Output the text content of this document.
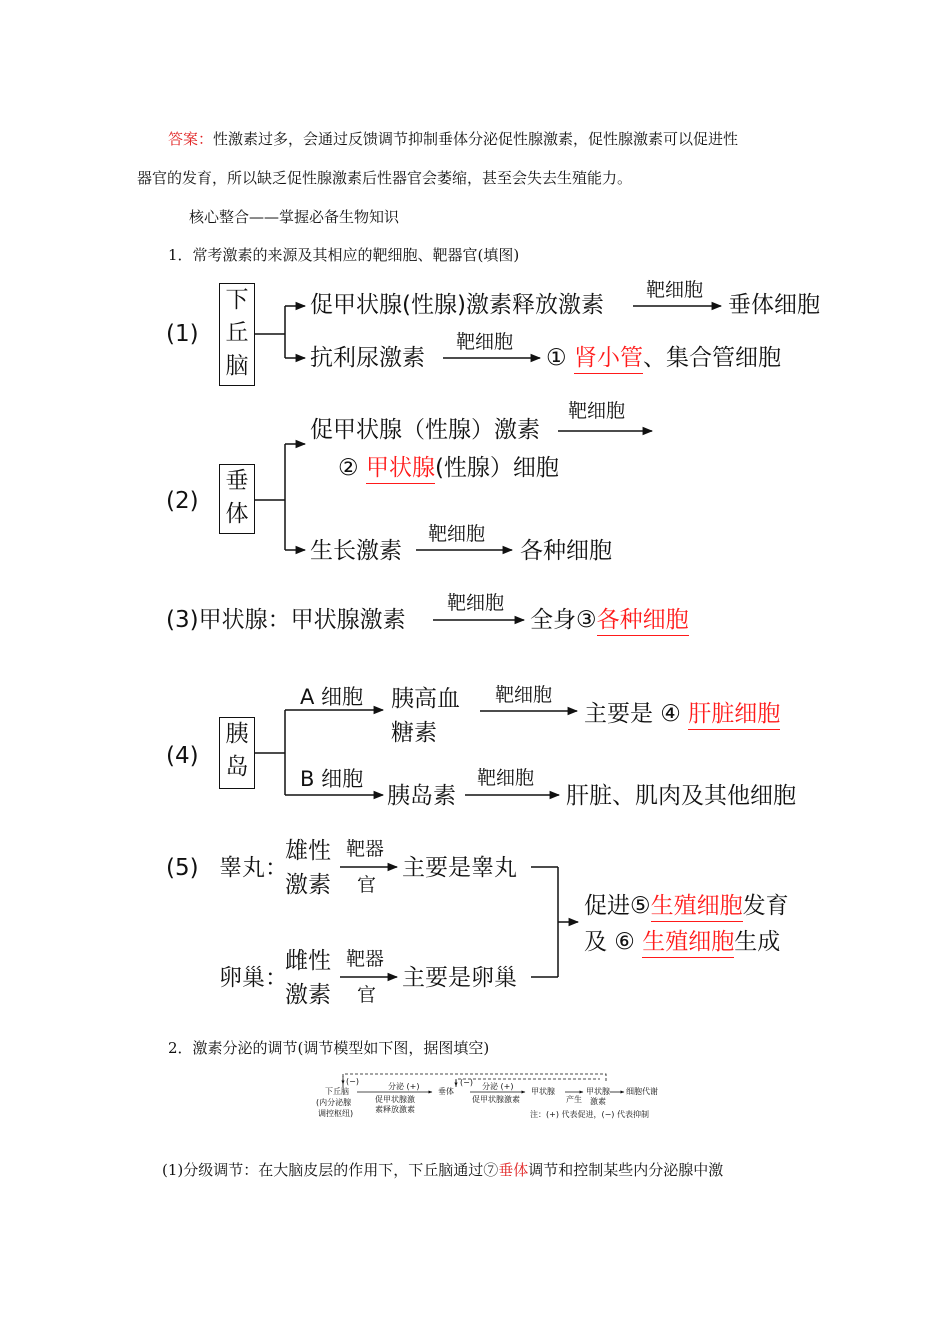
答案：性激素过多，会通过反馈调节抑制垂体分泌促性腺激素，促性腺激素可以促进性
器官的发育，所以缺乏促性腺激素后性器官会萎缩，甚至会失去生殖能力。
核心整合——掌握必备生物知识
1．常考激素的来源及其相应的靶细胞、靶器官(填图)
(1)
下
丘
脑
促甲状腺(性腺)激素释放激素
靶细胞
垂体细胞
抗利尿激素
靶细胞
① 肾小管、集合管细胞
(2)
垂
体
促甲状腺（性腺）激素
靶细胞
② 甲状腺(性腺）细胞
生长激素
靶细胞
各种细胞
(3)甲状腺：甲状腺激素
靶细胞
全身③各种细胞
(4)
胰
岛
A 细胞 胰高血
糖素
靶细胞
主要是 ④ 肝脏细胞
B 细胞
胰岛素
靶细胞
肝脏、肌肉及其他细胞
(5) 睾丸：
雄性
激素
靶器
官
主要是睾丸
卵巢：
雌性
激素
靶器
官
主要是卵巢
促进⑤生殖细胞发育
及 ⑥ 生殖细胞生成
2．激素分泌的调节(调节模型如下图，据图填空)
下丘脑
(内分泌腺
调控枢纽)
(−)
分泌 (+)
促甲状腺激
素释放激素
垂体
(−) 分泌 (+)
促甲状腺激素
甲状腺
产生
甲状腺
激素
细胞代谢
注：(+) 代表促进，(−) 代表抑制
(1)分级调节：在大脑皮层的作用下，下丘脑通过⑦垂体调节和控制某些内分泌腺中激
